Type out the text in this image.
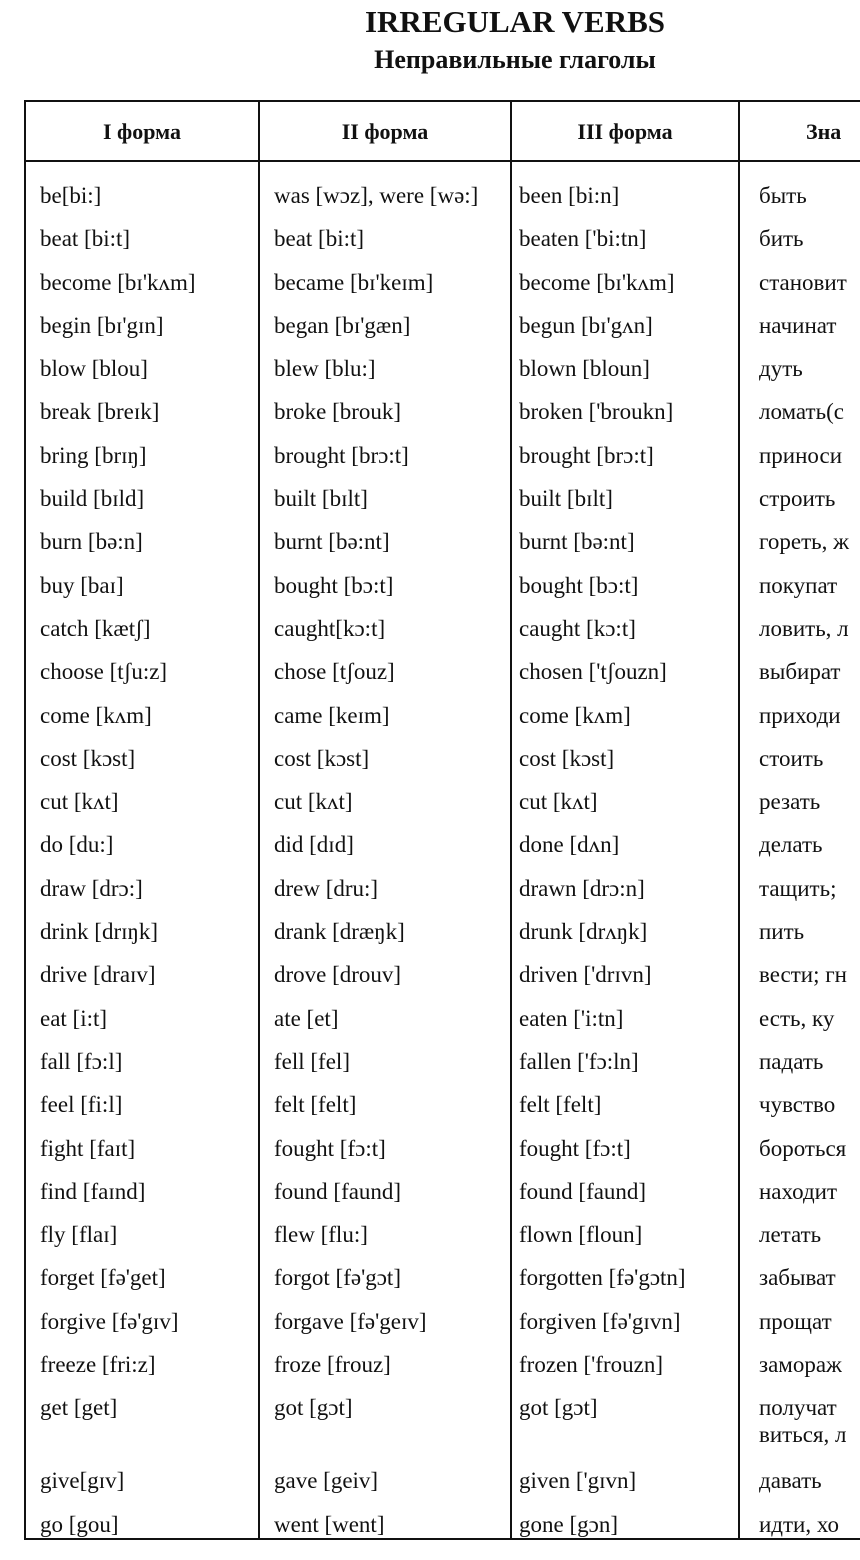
IRREGULAR VERBS
Неправильные глаголы
I форма	II форма	III форма	Зна
be[bi:]	was [wɔz], were [wə:]	been [bi:n]	быть
beat [bi:t]	beat [bi:t]	beaten ['bi:tn]	бить
become [bɪ'kʌm]	became [bɪ'keɪm]	become [bɪ'kʌm]	становит
begin [bɪ'gɪn]	began [bɪ'gæn]	begun [bɪ'gʌn]	начинат
blow [blou]	blew [blu:]	blown [bloun]	дуть
break [breɪk]	broke [brouk]	broken ['broukn]	ломать(с
bring [brɪŋ]	brought [brɔ:t]	brought [brɔ:t]	приноси
build [bɪld]	built [bɪlt]	built [bɪlt]	строить
burn [bə:n]	burnt [bə:nt]	burnt [bə:nt]	гореть, ж
buy [baɪ]	bought [bɔ:t]	bought [bɔ:t]	покупат
catch [kætʃ]	caught[kɔ:t]	caught [kɔ:t]	ловить, л
choose [tʃu:z]	chose [tʃouz]	chosen ['tʃouzn]	выбират
come [kʌm]	came [keɪm]	come [kʌm]	приходи
cost [kɔst]	cost [kɔst]	cost [kɔst]	стоить
cut [kʌt]	cut [kʌt]	cut [kʌt]	резать
do [du:]	did [dɪd]	done [dʌn]	делать
draw [drɔ:]	drew [dru:]	drawn [drɔ:n]	тащить;
drink [drɪŋk]	drank [dræŋk]	drunk [drʌŋk]	пить
drive [draɪv]	drove [drouv]	driven ['drɪvn]	вести; гн
eat [i:t]	ate [et]	eaten ['i:tn]	есть, ку
fall [fɔ:l]	fell [fel]	fallen ['fɔ:ln]	падать
feel [fi:l]	felt [felt]	felt [felt]	чувство
fight [faɪt]	fought [fɔ:t]	fought [fɔ:t]	бороться
find [faɪnd]	found [faund]	found [faund]	находит
fly [flaɪ]	flew [flu:]	flown [floun]	летать
forget [fə'get]	forgot [fə'gɔt]	forgotten [fə'gɔtn]	забыват
forgive [fə'gɪv]	forgave [fə'geɪv]	forgiven [fə'gɪvn]	прощат
freeze [fri:z]	froze [frouz]	frozen ['frouzn]	замораж
get [get]	got [gɔt]	got [gɔt]	получат
виться, л
give[gɪv]	gave [geiv]	given ['gɪvn]	давать
go [gou]	went [went]	gone [gɔn]	идти, хо
